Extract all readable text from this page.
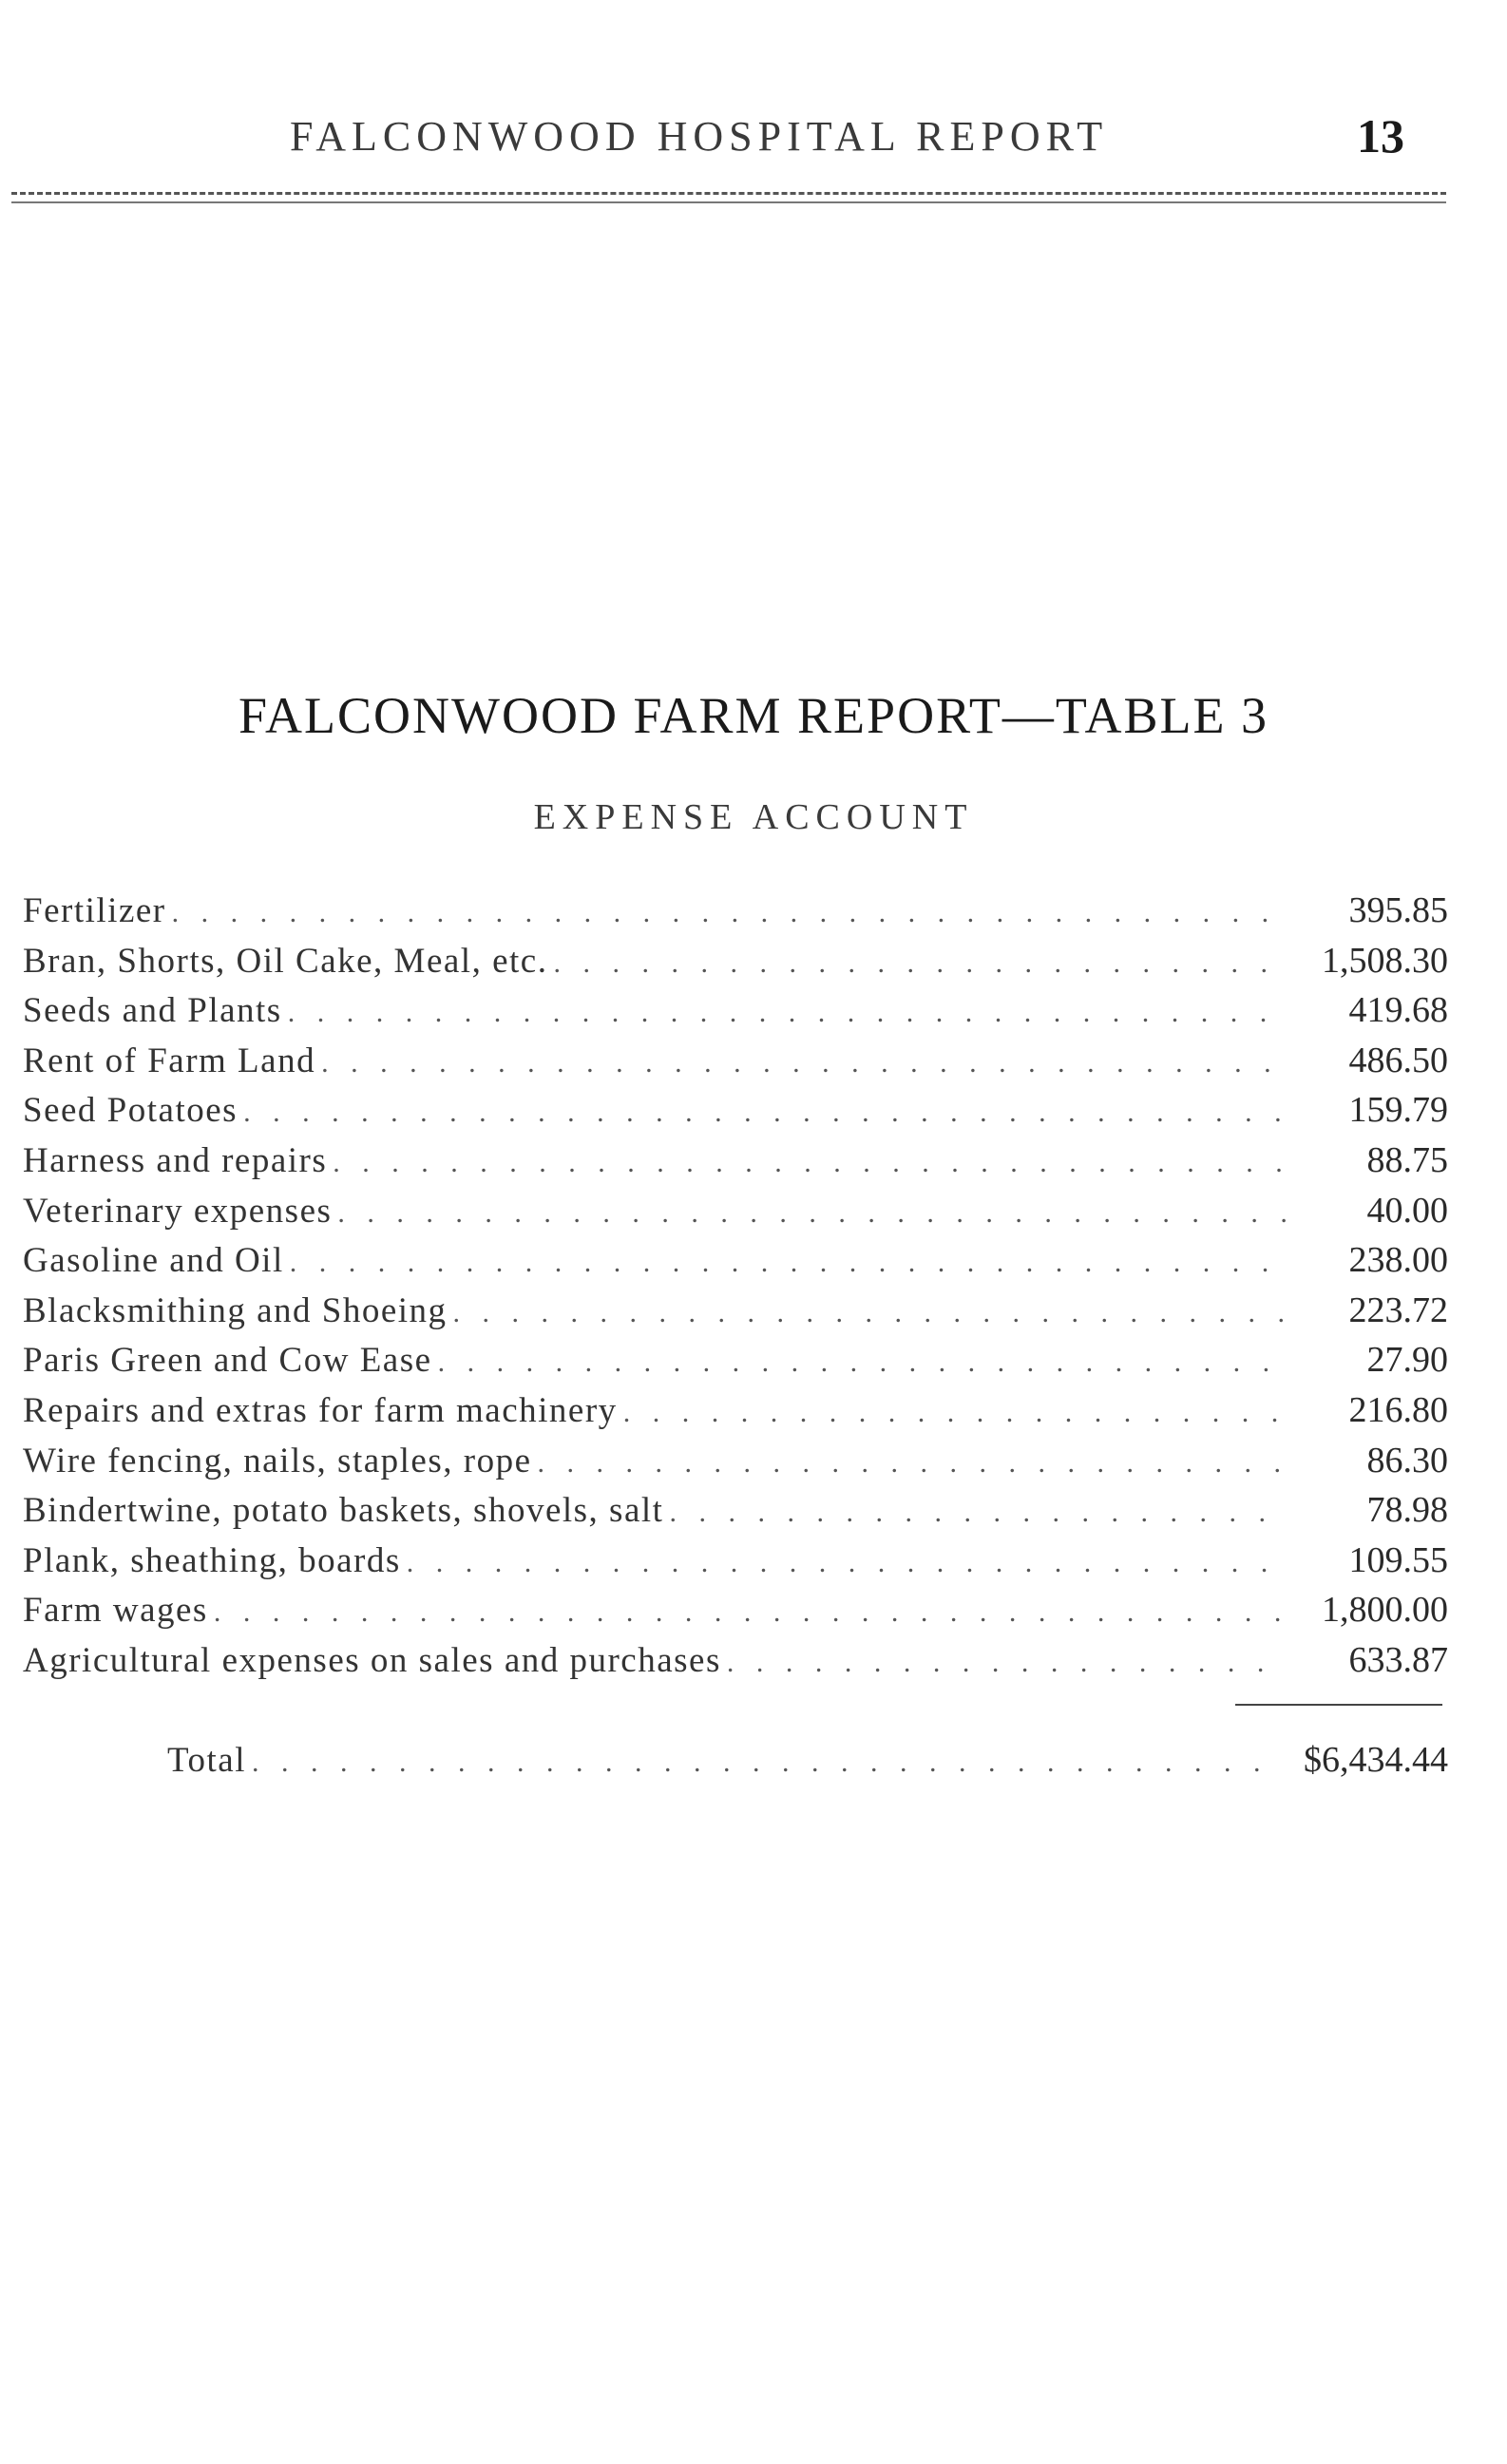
FALCONWOOD HOSPITAL REPORT	13
FALCONWOOD FARM REPORT—TABLE 3
EXPENSE ACCOUNT
Fertilizer . . .	395.85
Bran, Shorts, Oil Cake, Meal, etc. . . .	1,508.30
Seeds and Plants . . .	419.68
Rent of Farm Land . . .	486.50
Seed Potatoes . . .	159.79
Harness and repairs . . .	88.75
Veterinary expenses . . .	40.00
Gasoline and Oil . . .	238.00
Blacksmithing and Shoeing . . .	223.72
Paris Green and Cow Ease . . .	27.90
Repairs and extras for farm machinery . . .	216.80
Wire fencing, nails, staples, rope . . .	86.30
Bindertwine, potato baskets, shovels, salt . . .	78.98
Plank, sheathing, boards . . .	109.55
Farm wages . . .	1,800.00
Agricultural expenses on sales and purchases . . .	633.87
Total . . .	$6,434.44
